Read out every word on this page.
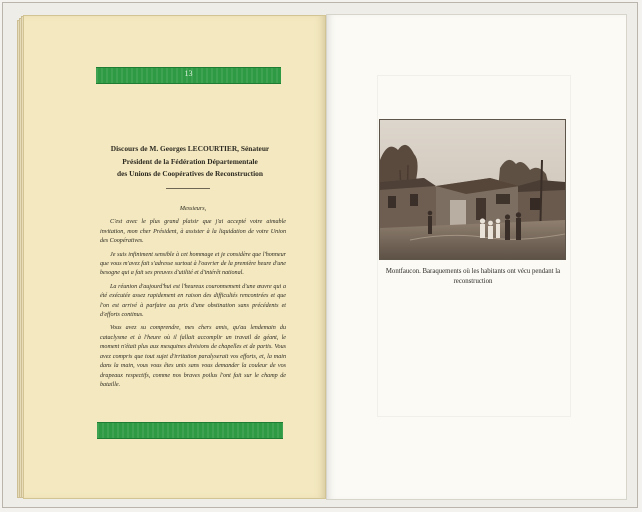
13
Discours de M. Georges LECOURTIER, Sénateur
Président de la Fédération Départementale
des Unions de Coopératives de Reconstruction
Messieurs,

C'est avec le plus grand plaisir que j'ai accepté votre aimable invitation, mon cher Président, à assister à la liquidation de votre Union des Coopératives.

Je suis infiniment sensible à cet hommage et je considère que l'honneur que vous m'avez fait s'adresse surtout à l'ouvrier de la première heure d'une besogne qui a fait ses preuves d'utilité et d'intérêt national.

La réunion d'aujourd'hui est l'heureux couronnement d'une œuvre qui a été exécutée assez rapidement en raison des difficultés rencontrées et que l'on est arrivé à parfaire au prix d'une obstination sans précédents et d'efforts continus.

Vous avez su comprendre, mes chers amis, qu'au lendemain du cataclysme et à l'heure où il fallait accomplir un travail de géant, le moment n'était plus aux mesquines divisions de chapelles et de partis. Vous avez compris que tout sujet d'irritation paralyserait vos efforts, et, la main dans la main, vous vous êtes unis sans vous demander la couleur de vos drapeaux respectifs, comme nos braves poilus l'ont fait sur le champ de bataille.

Montfaucon. Baraquements où les habitants ont vécu pendant la reconstruction
